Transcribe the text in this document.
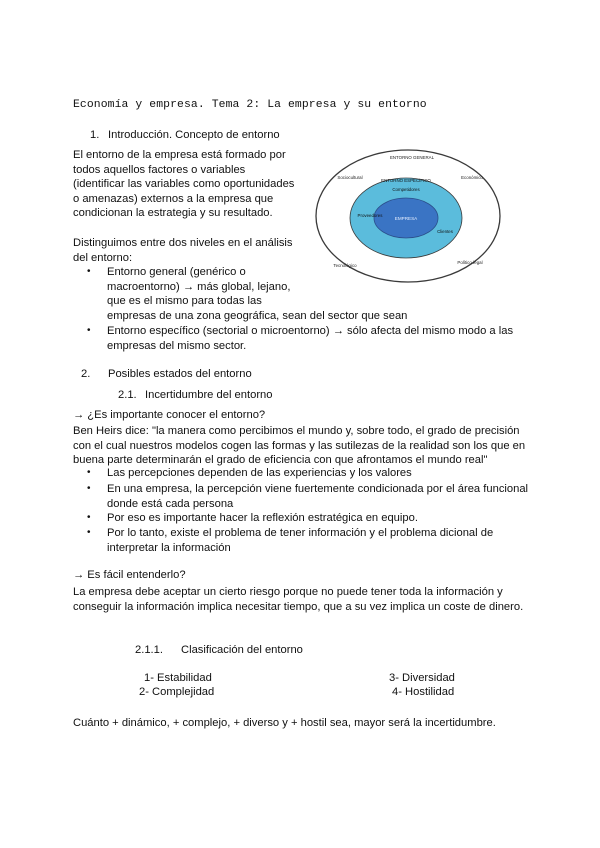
Economía y empresa. Tema 2: La empresa y su entorno
1. Introducción. Concepto de entorno
El entorno de la empresa está formado por
todos aquellos factores o variables
(identificar las variables como oportunidades
o amenazas) externos a la empresa que
condicionan la estrategia y su resultado.
Distinguimos entre dos niveles en el análisis
del entorno:
• Entorno general (genérico o
macroentorno) → más global, lejano,
que es el mismo para todas las
empresas de una zona geográfica, sean del sector que sean
• Entorno específico (sectorial o microentorno) → sólo afecta del mismo modo a las
empresas del mismo sector.
ENTORNO GENERAL
Sociocultural	Económico
Tecnológico
Político-legal
ENTORNO ESPECÍFICO
Competidores
Proveedores
Clientes
EMPRESA
2. Posibles estados del entorno
2.1. Incertidumbre del entorno
→ ¿Es importante conocer el entorno?
Ben Heirs dice: "la manera como percibimos el mundo y, sobre todo, el grado de precisión
con el cual nuestros modelos cogen las formas y las sutilezas de la realidad son los que en
buena parte determinarán el grado de eficiencia con que afrontamos el mundo real"
• Las percepciones dependen de las experiencias y los valores
• En una empresa, la percepción viene fuertemente condicionada por el área funcional
donde está cada persona
• Por eso es importante hacer la reflexión estratégica en equipo.
• Por lo tanto, existe el problema de tener información y el problema dicional de
interpretar la información
→ Es fácil entenderlo?
La empresa debe aceptar un cierto riesgo porque no puede tener toda la información y
conseguir la información implica necesitar tiempo, que a su vez implica un coste de dinero.
2.1.1. Clasificación del entorno
1- Estabilidad
2- Complejidad
3- Diversidad
4- Hostilidad
Cuánto + dinámico, + complejo, + diverso y + hostil sea, mayor será la incertidumbre.
